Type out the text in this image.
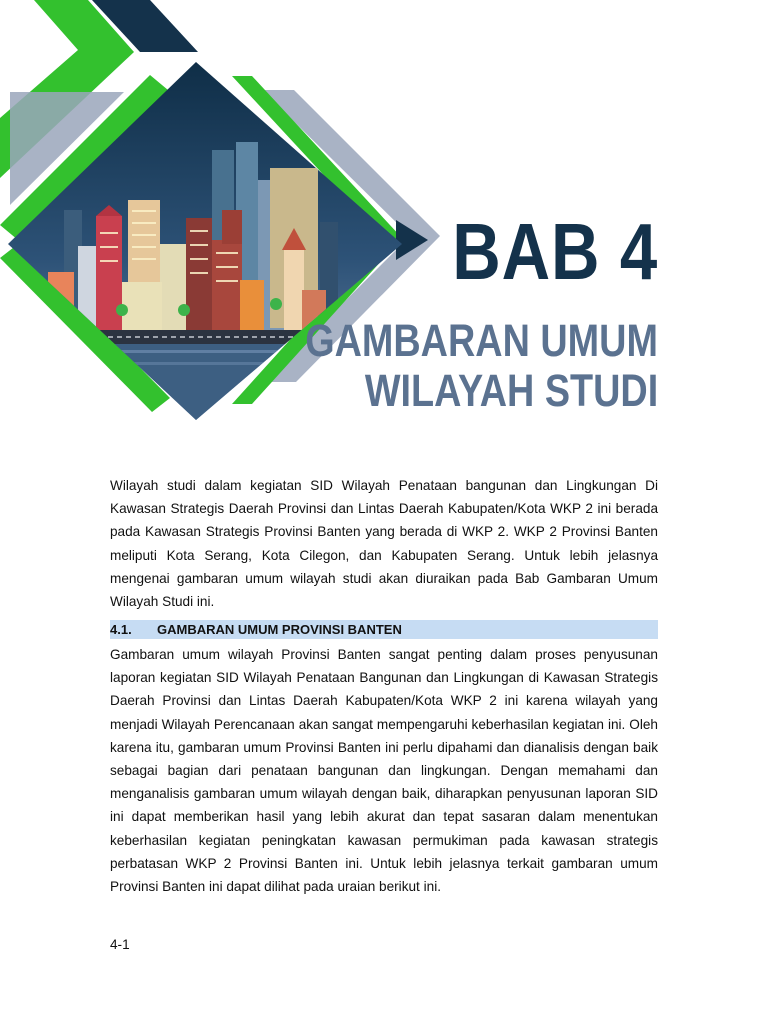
BAB 4
GAMBARAN UMUM
WILAYAH STUDI

Wilayah studi dalam kegiatan SID Wilayah Penataan bangunan dan Lingkungan Di Kawasan Strategis Daerah Provinsi dan Lintas Daerah Kabupaten/Kota WKP 2 ini berada pada Kawasan Strategis Provinsi Banten yang berada di WKP 2. WKP 2 Provinsi Banten meliputi Kota Serang, Kota Cilegon, dan Kabupaten Serang. Untuk lebih jelasnya mengenai gambaran umum wilayah studi akan diuraikan pada Bab Gambaran Umum Wilayah Studi ini.

4.1. GAMBARAN UMUM PROVINSI BANTEN

Gambaran umum wilayah Provinsi Banten sangat penting dalam proses penyusunan laporan kegiatan SID Wilayah Penataan Bangunan dan Lingkungan di Kawasan Strategis Daerah Provinsi dan Lintas Daerah Kabupaten/Kota WKP 2 ini karena wilayah yang menjadi Wilayah Perencanaan akan sangat mempengaruhi keberhasilan kegiatan ini. Oleh karena itu, gambaran umum Provinsi Banten ini perlu dipahami dan dianalisis dengan baik sebagai bagian dari penataan bangunan dan lingkungan. Dengan memahami dan menganalisis gambaran umum wilayah dengan baik, diharapkan penyusunan laporan SID ini dapat memberikan hasil yang lebih akurat dan tepat sasaran dalam menentukan keberhasilan kegiatan peningkatan kawasan permukiman pada kawasan strategis perbatasan WKP 2 Provinsi Banten ini. Untuk lebih jelasnya terkait gambaran umum Provinsi Banten ini dapat dilihat pada uraian berikut ini.

4-1
